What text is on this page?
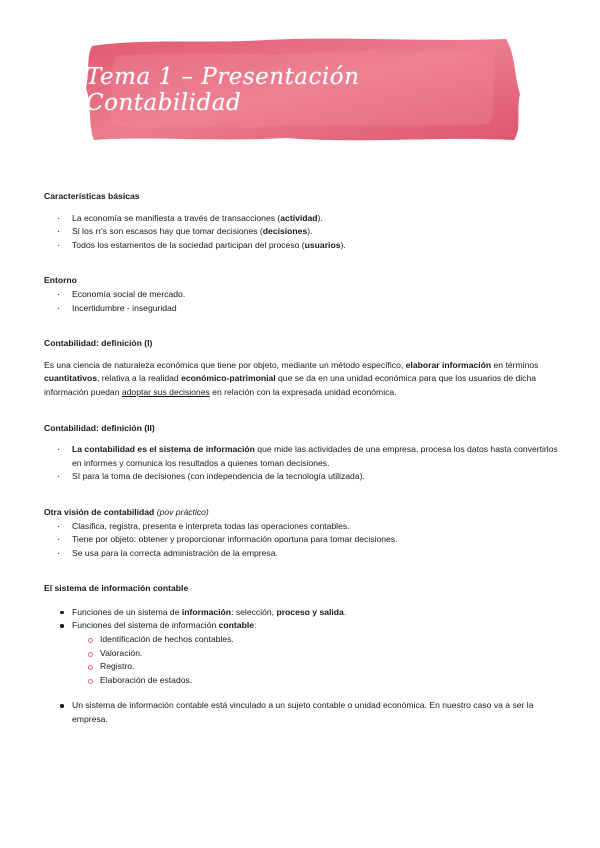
Tema 1 – Presentación Contabilidad

Características básicas

· La economía se manifiesta a través de transacciones (actividad).
· Si los rr's son escasos hay que tomar decisiones (decisiones).
· Todos los estamentos de la sociedad participan del proceso (usuarios).

Entorno

· Economía social de mercado.
· Incertidumbre - inseguridad

Contabilidad: definición (I)

Es una ciencia de naturaleza económica que tiene por objeto, mediante un método específico, elaborar información en términos cuantitativos, relativa a la realidad económico-patrimonial que se da en una unidad económica para que los usuarios de dicha información puedan adoptar sus decisiones en relación con la expresada unidad económica.

Contabilidad: definición (II)

· La contabilidad es el sistema de información que mide las actividades de una empresa, procesa los datos hasta convertirlos en informes y comunica los resultados a quienes toman decisiones.
· SI para la toma de decisiones (con independencia de la tecnología utilizada).

Otra visión de contabilidad (pov práctico)

· Clasifica, registra, presenta e interpreta todas las operaciones contables.
· Tiene por objeto: obtener y proporcionar información oportuna para tomar decisiones.
· Se usa para la correcta administración de la empresa.

El sistema de información contable

Funciones de un sistema de información: selección, proceso y salida.
Funciones del sistema de información contable:
Identificación de hechos contables.
Valoración.
Registro.
Elaboración de estados.
Un sistema de información contable está vinculado a un sujeto contable o unidad económica. En nuestro caso va a ser la empresa.
